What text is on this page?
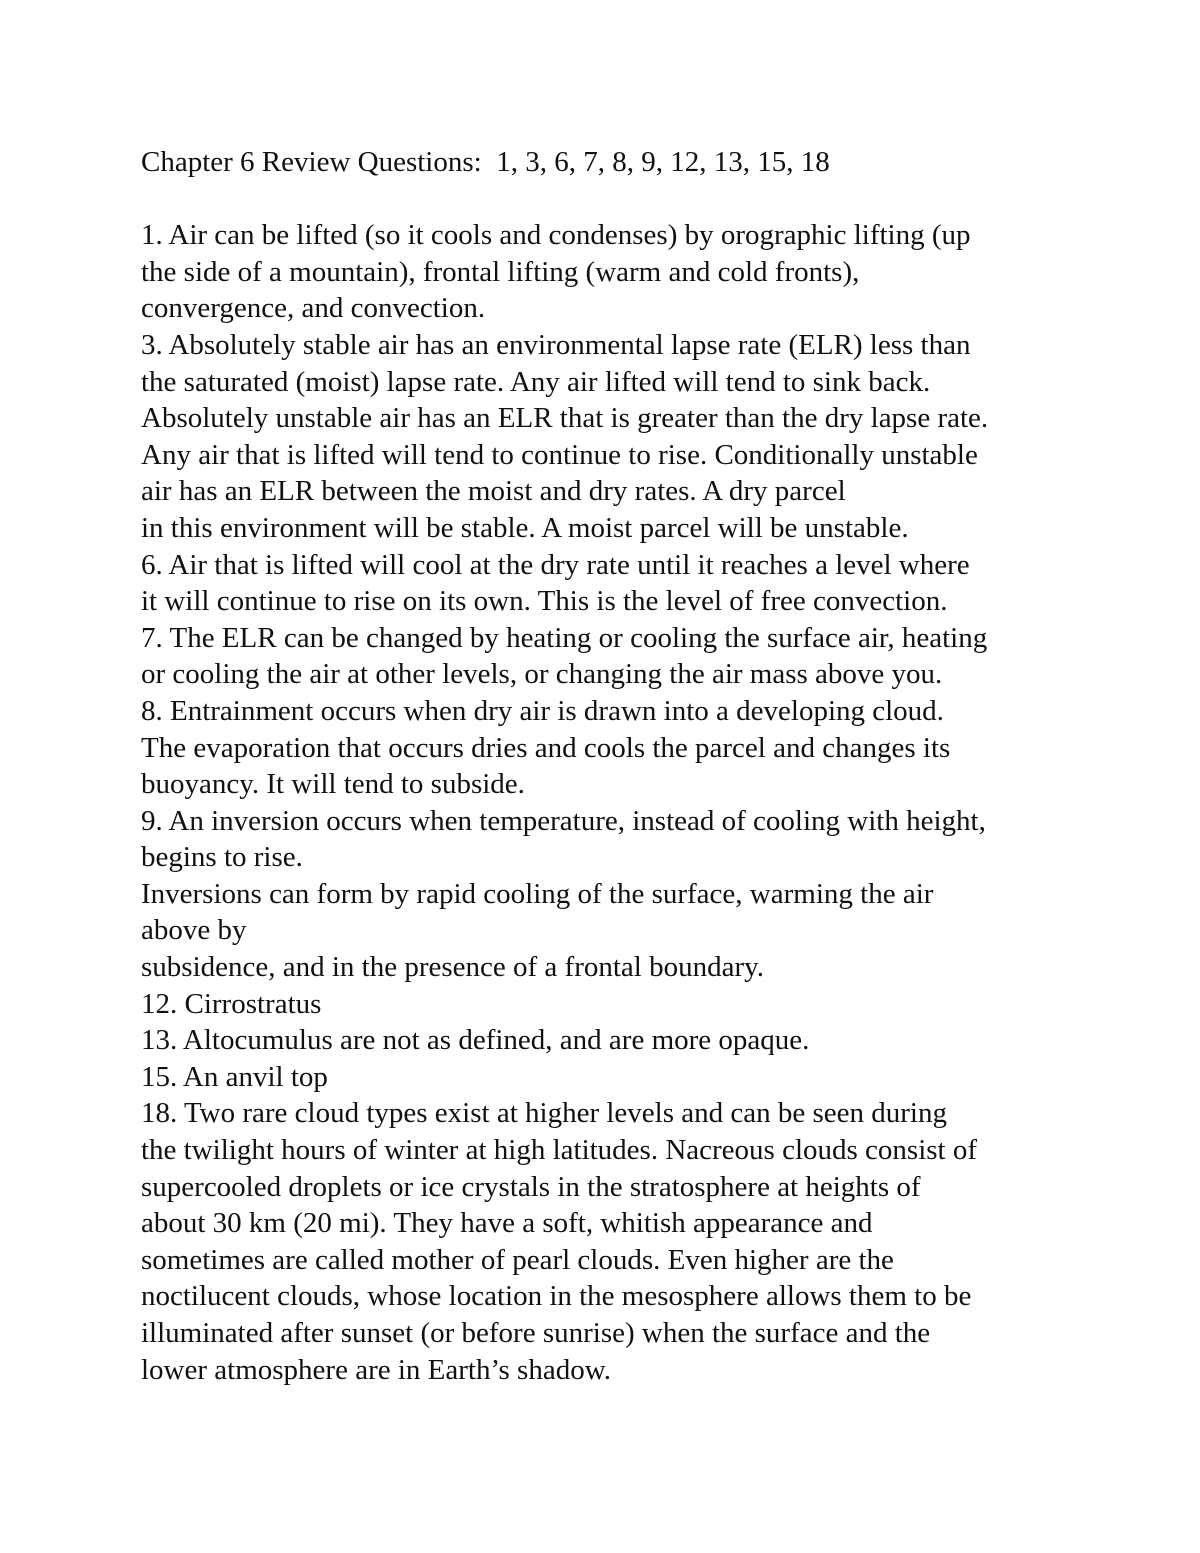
Chapter 6 Review Questions:  1, 3, 6, 7, 8, 9, 12, 13, 15, 18
1. Air can be lifted (so it cools and condenses) by orographic lifting (up
the side of a mountain), frontal lifting (warm and cold fronts),
convergence, and convection.
3. Absolutely stable air has an environmental lapse rate (ELR) less than
the saturated (moist) lapse rate. Any air lifted will tend to sink back.
Absolutely unstable air has an ELR that is greater than the dry lapse rate.
Any air that is lifted will tend to continue to rise. Conditionally unstable
air has an ELR between the moist and dry rates. A dry parcel
in this environment will be stable. A moist parcel will be unstable.
6. Air that is lifted will cool at the dry rate until it reaches a level where
it will continue to rise on its own. This is the level of free convection.
7. The ELR can be changed by heating or cooling the surface air, heating
or cooling the air at other levels, or changing the air mass above you.
8. Entrainment occurs when dry air is drawn into a developing cloud.
The evaporation that occurs dries and cools the parcel and changes its
buoyancy. It will tend to subside.
9. An inversion occurs when temperature, instead of cooling with height,
begins to rise.
Inversions can form by rapid cooling of the surface, warming the air
above by
subsidence, and in the presence of a frontal boundary.
12. Cirrostratus
13. Altocumulus are not as defined, and are more opaque.
15. An anvil top
18. Two rare cloud types exist at higher levels and can be seen during
the twilight hours of winter at high latitudes. Nacreous clouds consist of
supercooled droplets or ice crystals in the stratosphere at heights of
about 30 km (20 mi). They have a soft, whitish appearance and
sometimes are called mother of pearl clouds. Even higher are the
noctilucent clouds, whose location in the mesosphere allows them to be
illuminated after sunset (or before sunrise) when the surface and the
lower atmosphere are in Earth’s shadow.
